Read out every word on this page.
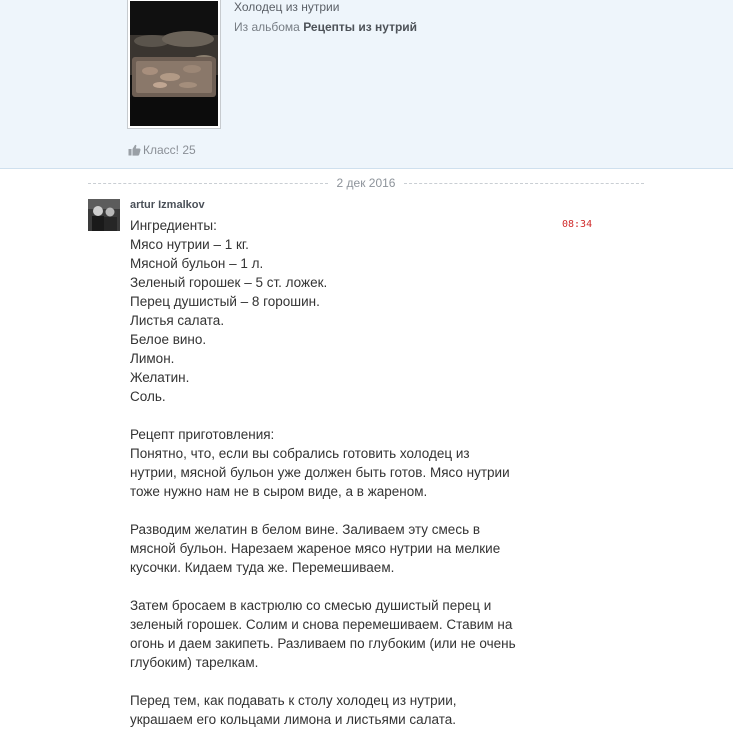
Холодец из нутрии
Из альбома Рецепты из нутрий
Класс! 25
2 дек 2016
artur Izmalkov
08:34
Ингредиенты:
Мясо нутрии – 1 кг.
Мясной бульон – 1 л.
Зеленый горошек – 5 ст. ложек.
Перец душистый – 8 горошин.
Листья салата.
Белое вино.
Лимон.
Желатин.
Соль.
Рецепт приготовления:
Понятно, что, если вы собрались готовить холодец из
нутрии, мясной бульон уже должен быть готов. Мясо нутрии
тоже нужно нам не в сыром виде, а в жареном.
Разводим желатин в белом вине. Заливаем эту смесь в
мясной бульон. Нарезаем жареное мясо нутрии на мелкие
кусочки. Кидаем туда же. Перемешиваем.
Затем бросаем в кастрюлю со смесью душистый перец и
зеленый горошек. Солим и снова перемешиваем. Ставим на
огонь и даем закипеть. Разливаем по глубоким (или не очень
глубоким) тарелкам.
Перед тем, как подавать к столу холодец из нутрии,
украшаем его кольцами лимона и листьями салата.
